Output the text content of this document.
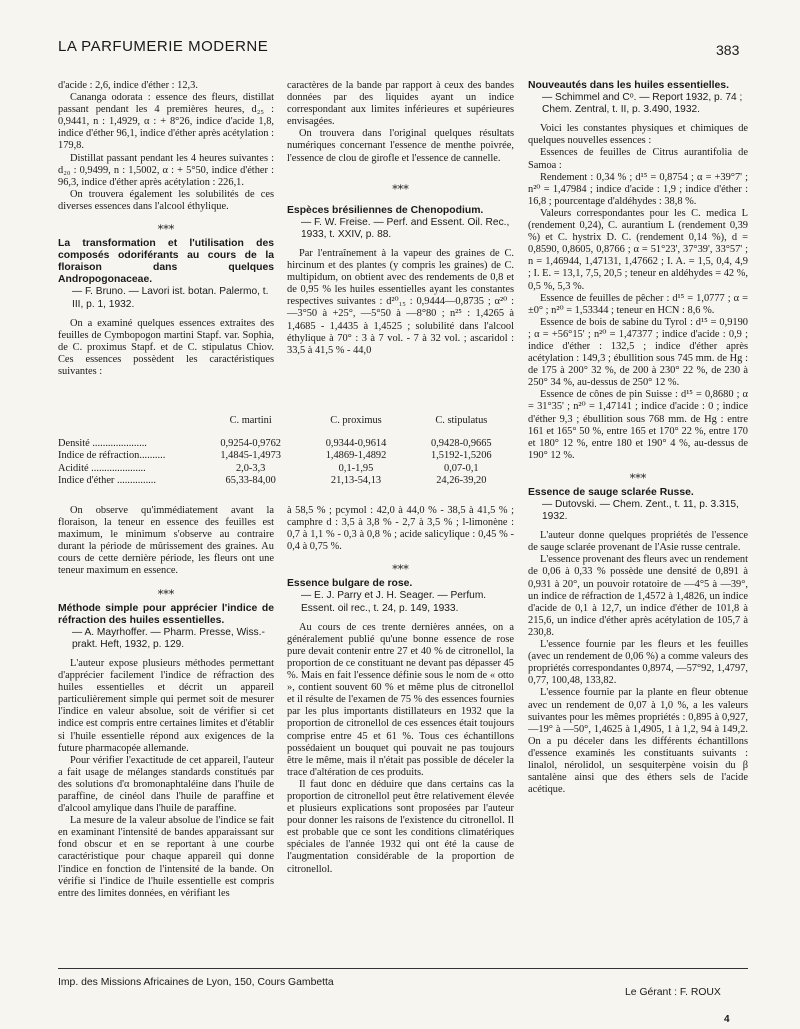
LA PARFUMERIE MODERNE	383

d'acide : 2,6, indice d'éther : 12,3.

Cananga odorata : essence des fleurs, distillat passant pendant les 4 premières heures, d₂₅ : 0,9441, n : 1,4929, α : + 8°26, indice d'acide 1,8, indice d'éther 96,1, indice d'éther après acétylation : 179,8.

Distillat passant pendant les 4 heures suivantes : d₂₀ : 0,9499, n : 1,5002, α : + 5°50, indice d'éther : 96,3, indice d'éther après acétylation : 226,1.

On trouvera également les solubilités de ces diverses essences dans l'alcool éthylique.

⁎⁎⁎
La transformation et l'utilisation des composés odoriférants au cours de la floraison dans quelques Andropogonaceae.
— F. Bruno. — Lavori ist. botan. Palermo, t. III, p. 1, 1932.

On a examiné quelques essences extraites des feuilles de Cymbopogon martini Stapf. var. Sophia, de C. proximus Stapf. et de C. stipulatus Chiov. Ces essences possèdent les caractéristiques suivantes :

caractères de la bande par rapport à ceux des bandes données par des liquides ayant un indice correspondant aux limites inférieures et supérieures envisagées.

On trouvera dans l'original quelques résultats numériques concernant l'essence de menthe poivrée, l'essence de clou de girofle et l'essence de cannelle.

⁎⁎⁎
Espèces brésiliennes de Chenopodium.
— F. W. Freise. — Perf. and Essent. Oil. Rec., 1933, t. XXIV, p. 88.

Par l'entraînement à la vapeur des graines de C. hircinum et des plantes (y compris les graines) de C. multipidum, on obtient avec des rendements de 0,8 et de 0,95 % les huiles essentielles ayant les constantes respectives suivantes : d²⁰₁₅ : 0,9444—0,8735 ; α²⁰ : —3°50 à +25°, —5°50 à —8°80 ; n²⁵ : 1,4265 à 1,4685 - 1,4435 à 1,4525 ; solubilité dans l'alcool éthylique à 70° : 3 à 7 vol. - 7 à 32 vol. ; ascaridol : 33,5 à 41,5 % - 44,0

Nouveautés dans les huiles essentielles.
— Schimmel and Cᵒ. — Report 1932, p. 74 ; Chem. Zentral, t. II, p. 3.490, 1932.

Voici les constantes physiques et chimiques de quelques nouvelles essences :

Essences de feuilles de Citrus aurantifolia de Samoa :

Rendement : 0,34 % ; d¹⁵ = 0,8754 ; α = +39°7' ; n²⁰ = 1,47984 ; indice d'acide : 1,9 ; indice d'éther : 16,8 ; pourcentage d'aldéhydes : 38,8 %.

Valeurs correspondantes pour les C. medica L (rendement 0,24), C. aurantium L (rendement 0,39 %) et C. hystrix D. C. (rendement 0,14 %), d = 0,8590, 0,8605, 0,8766 ; α = 51°23', 37°39', 33°57' ; n = 1,46944, 1,47131, 1,47662 ; I. A. = 1,5, 0,4, 4,9 ; I. E. = 13,1, 7,5, 20,5 ; teneur en aldéhydes = 42 %, 0,5 %, 5,3 %.

Essence de feuilles de pêcher : d¹⁵ = 1,0777 ; α = ±0° ; n²⁰ = 1,53344 ; teneur en HCN : 8,6 %.

Essence de bois de sabine du Tyrol : d¹⁵ = 0,9190 ; α = +56°15' ; n²⁰ = 1,47377 ; indice d'acide : 0,9 ; indice d'éther : 132,5 ; indice d'éther après acétylation : 149,3 ; ébullition sous 745 mm. de Hg : de 175 à 200° 32 %, de 200 à 230° 22 %, de 230 à 250° 34 %, au-dessus de 250° 12 %.

Essence de cônes de pin Suisse : d¹⁵ = 0,8680 ; α = 31°35' ; n²⁰ = 1,47141 ; indice d'acide : 0 ; indice d'éther 9,3 ; ébullition sous 768 mm. de Hg : entre 161 et 165° 50 %, entre 165 et 170° 22 %, entre 170 et 180° 12 %, entre 180 et 190° 4 %, au-dessus de 190° 12 %.

⁎⁎⁎
Essence de sauge sclarée Russe.
— Dutovski. — Chem. Zent., t. 11, p. 3.315, 1932.

L'auteur donne quelques propriétés de l'essence de sauge sclarée provenant de l'Asie russe centrale.

L'essence provenant des fleurs avec un rendement de 0,06 à 0,33 % possède une densité de 0,891 à 0,931 à 20°, un pouvoir rotatoire de —4°5 à —39°, un indice de réfraction de 1,4572 à 1,4826, un indice d'acide de 0,1 à 12,7, un indice d'éther de 101,8 à 215,6, un indice d'éther après acétylation de 105,7 à 230,8.

L'essence fournie par les fleurs et les feuilles (avec un rendement de 0,06 %) a comme valeurs des propriétés correspondantes 0,8974, —57°92, 1,4797, 0,77, 100,48, 133,82.

L'essence fournie par la plante en fleur obtenue avec un rendement de 0,07 à 1,0 %, a les valeurs suivantes pour les mêmes propriétés : 0,895 à 0,927, —19° à —50°, 1,4625 à 1,4905, 1 à 1,2, 94 à 149,2. On a pu déceler dans les différents échantillons d'essence examinés les constituants suivants : linalol, nérolidol, un sesquiterpène voisin du β santalène ainsi que des éthers sels de l'acide acétique.

	C. martini	C. proximus	C. stipulatus
Densité .....................	0,9254-0,9762	0,9344-0,9614	0,9428-0,9665
Indice de réfraction..........	1,4845-1,4973	1,4869-1,4892	1,5192-1,5206
Acidité .....................	2,0-3,3	0,1-1,95	0,07-0,1
Indice d'éther ...............	65,33-84,00	21,13-54,13	24,26-39,20

On observe qu'immédiatement avant la floraison, la teneur en essence des feuilles est maximum, le minimum s'observe au contraire durant la période de mûrissement des graines. Au cours de cette dernière période, les fleurs ont une teneur maximum en essence.

⁎⁎⁎
Méthode simple pour apprécier l'indice de réfraction des huiles essentielles.
— A. Mayrhoffer. — Pharm. Presse, Wiss.-prakt. Heft, 1932, p. 129.

L'auteur expose plusieurs méthodes permettant d'apprécier facilement l'indice de réfraction des huiles essentielles et décrit un appareil particulièrement simple qui permet soit de mesurer l'indice en valeur absolue, soit de vérifier si cet indice est compris entre certaines limites et d'établir si l'huile essentielle répond aux exigences de la future pharmacopée allemande.

Pour vérifier l'exactitude de cet appareil, l'auteur a fait usage de mélanges standards constitués par des solutions d'α bromonaphtaléine dans l'huile de paraffine, de cinéol dans l'huile de paraffine et d'alcool amylique dans l'huile de paraffine.

La mesure de la valeur absolue de l'indice se fait en examinant l'intensité de bandes apparaissant sur fond obscur et en se reportant à une courbe caractéristique pour chaque appareil qui donne l'indice en fonction de l'intensité de la bande. On vérifie si l'indice de l'huile essentielle est compris entre des limites données, en vérifiant les

à 58,5 % ; pcymol : 42,0 à 44,0 % - 38,5 à 41,5 % ; camphre d : 3,5 à 3,8 % - 2,7 à 3,5 % ; l-limonène : 0,7 à 1,1 % - 0,3 à 0,8 % ; acide salicylique : 0,45 % - 0,4 à 0,75 %.

⁎⁎⁎
Essence bulgare de rose.
— E. J. Parry et J. H. Seager. — Perfum. Essent. oil rec., t. 24, p. 149, 1933.

Au cours de ces trente dernières années, on a généralement publié qu'une bonne essence de rose pure devait contenir entre 27 et 40 % de citronellol, la proportion de ce constituant ne devant pas dépasser 45 %. Mais en fait l'essence définie sous le nom de « otto », contient souvent 60 % et même plus de citronellol et il résulte de l'examen de 75 % des essences fournies par les plus importants distillateurs en 1932 que la proportion de citronellol de ces essences était toujours comprise entre 45 et 61 %. Tous ces échantillons possédaient un bouquet qui pouvait ne pas toujours être le même, mais il n'était pas possible de déceler la trace d'altération de ces produits.

Il faut donc en déduire que dans certains cas la proportion de citronellol peut être relativement élevée et plusieurs explications sont proposées par l'auteur pour donner les raisons de l'existence du citronellol. Il est probable que ce sont les conditions climatériques spéciales de l'année 1932 qui ont été la cause de l'augmentation considérable de la proportion de citronellol.

Imp. des Missions Africaines de Lyon, 150, Cours Gambetta
Le Gérant : F. ROUX
4
